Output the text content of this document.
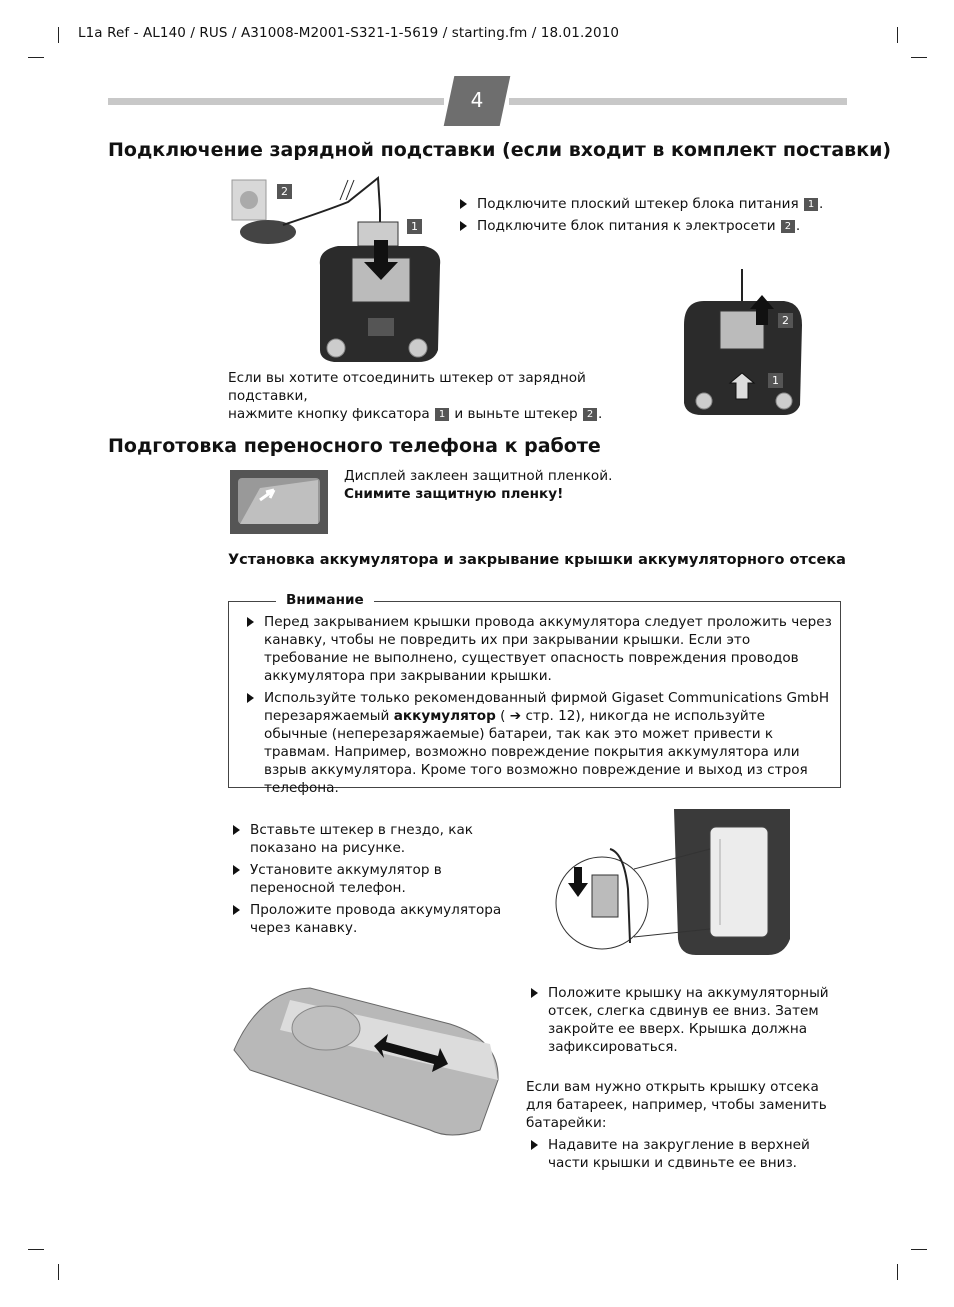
L1a Ref - AL140 / RUS / A31008-M2001-S321-1-5619 / starting.fm / 18.01.2010
4
Подключение зарядной подставки (если входит в комплект поставки)
2
1

Подключите плоский штекер блока питания 1 .

Подключите блок питания к электросети 2 .

Если вы хотите отсоединить штекер от зарядной подставки,
нажмите кнопку фиксатора 1 и выньте штекер 2 .
2
1
Подготовка переносного телефона к работе
Дисплей заклеен защитной пленкой.
Снимите защитную пленку!
Установка аккумулятора и закрывание крышки аккумуляторного отсека
Внимание

Перед закрыванием крышки провода аккумулятора следует проложить через канавку, чтобы не повредить их при закрывании крышки. Если это требование не выполнено, существует опасность повреждения проводов аккумулятора при закрывании крышки.

Используйте только рекомендованный фирмой Gigaset Communications GmbH перезаряжаемый аккумулятор ( ➔ стр. 12), никогда не используйте обычные (неперезаряжаемые) батареи, так как это может привести к травмам. Например, возможно повреждение покрытия аккумулятора или взрыв аккумулятора. Кроме того возможно повреждение и выход из строя телефона.

Вставьте штекер в гнездо, как показано на рисунке.

Установите аккумулятор в переносной телефон.

Проложите провода аккумулятора через канавку.

Положите крышку на аккумуляторный отсек, слегка сдвинув ее вниз. Затем закройте ее вверх. Крышка должна зафиксироваться.

Если вам нужно открыть крышку отсека для батареек, например, чтобы заменить батарейки:

Надавите на закругление в верхней части крышки и сдвиньте ее вниз.
